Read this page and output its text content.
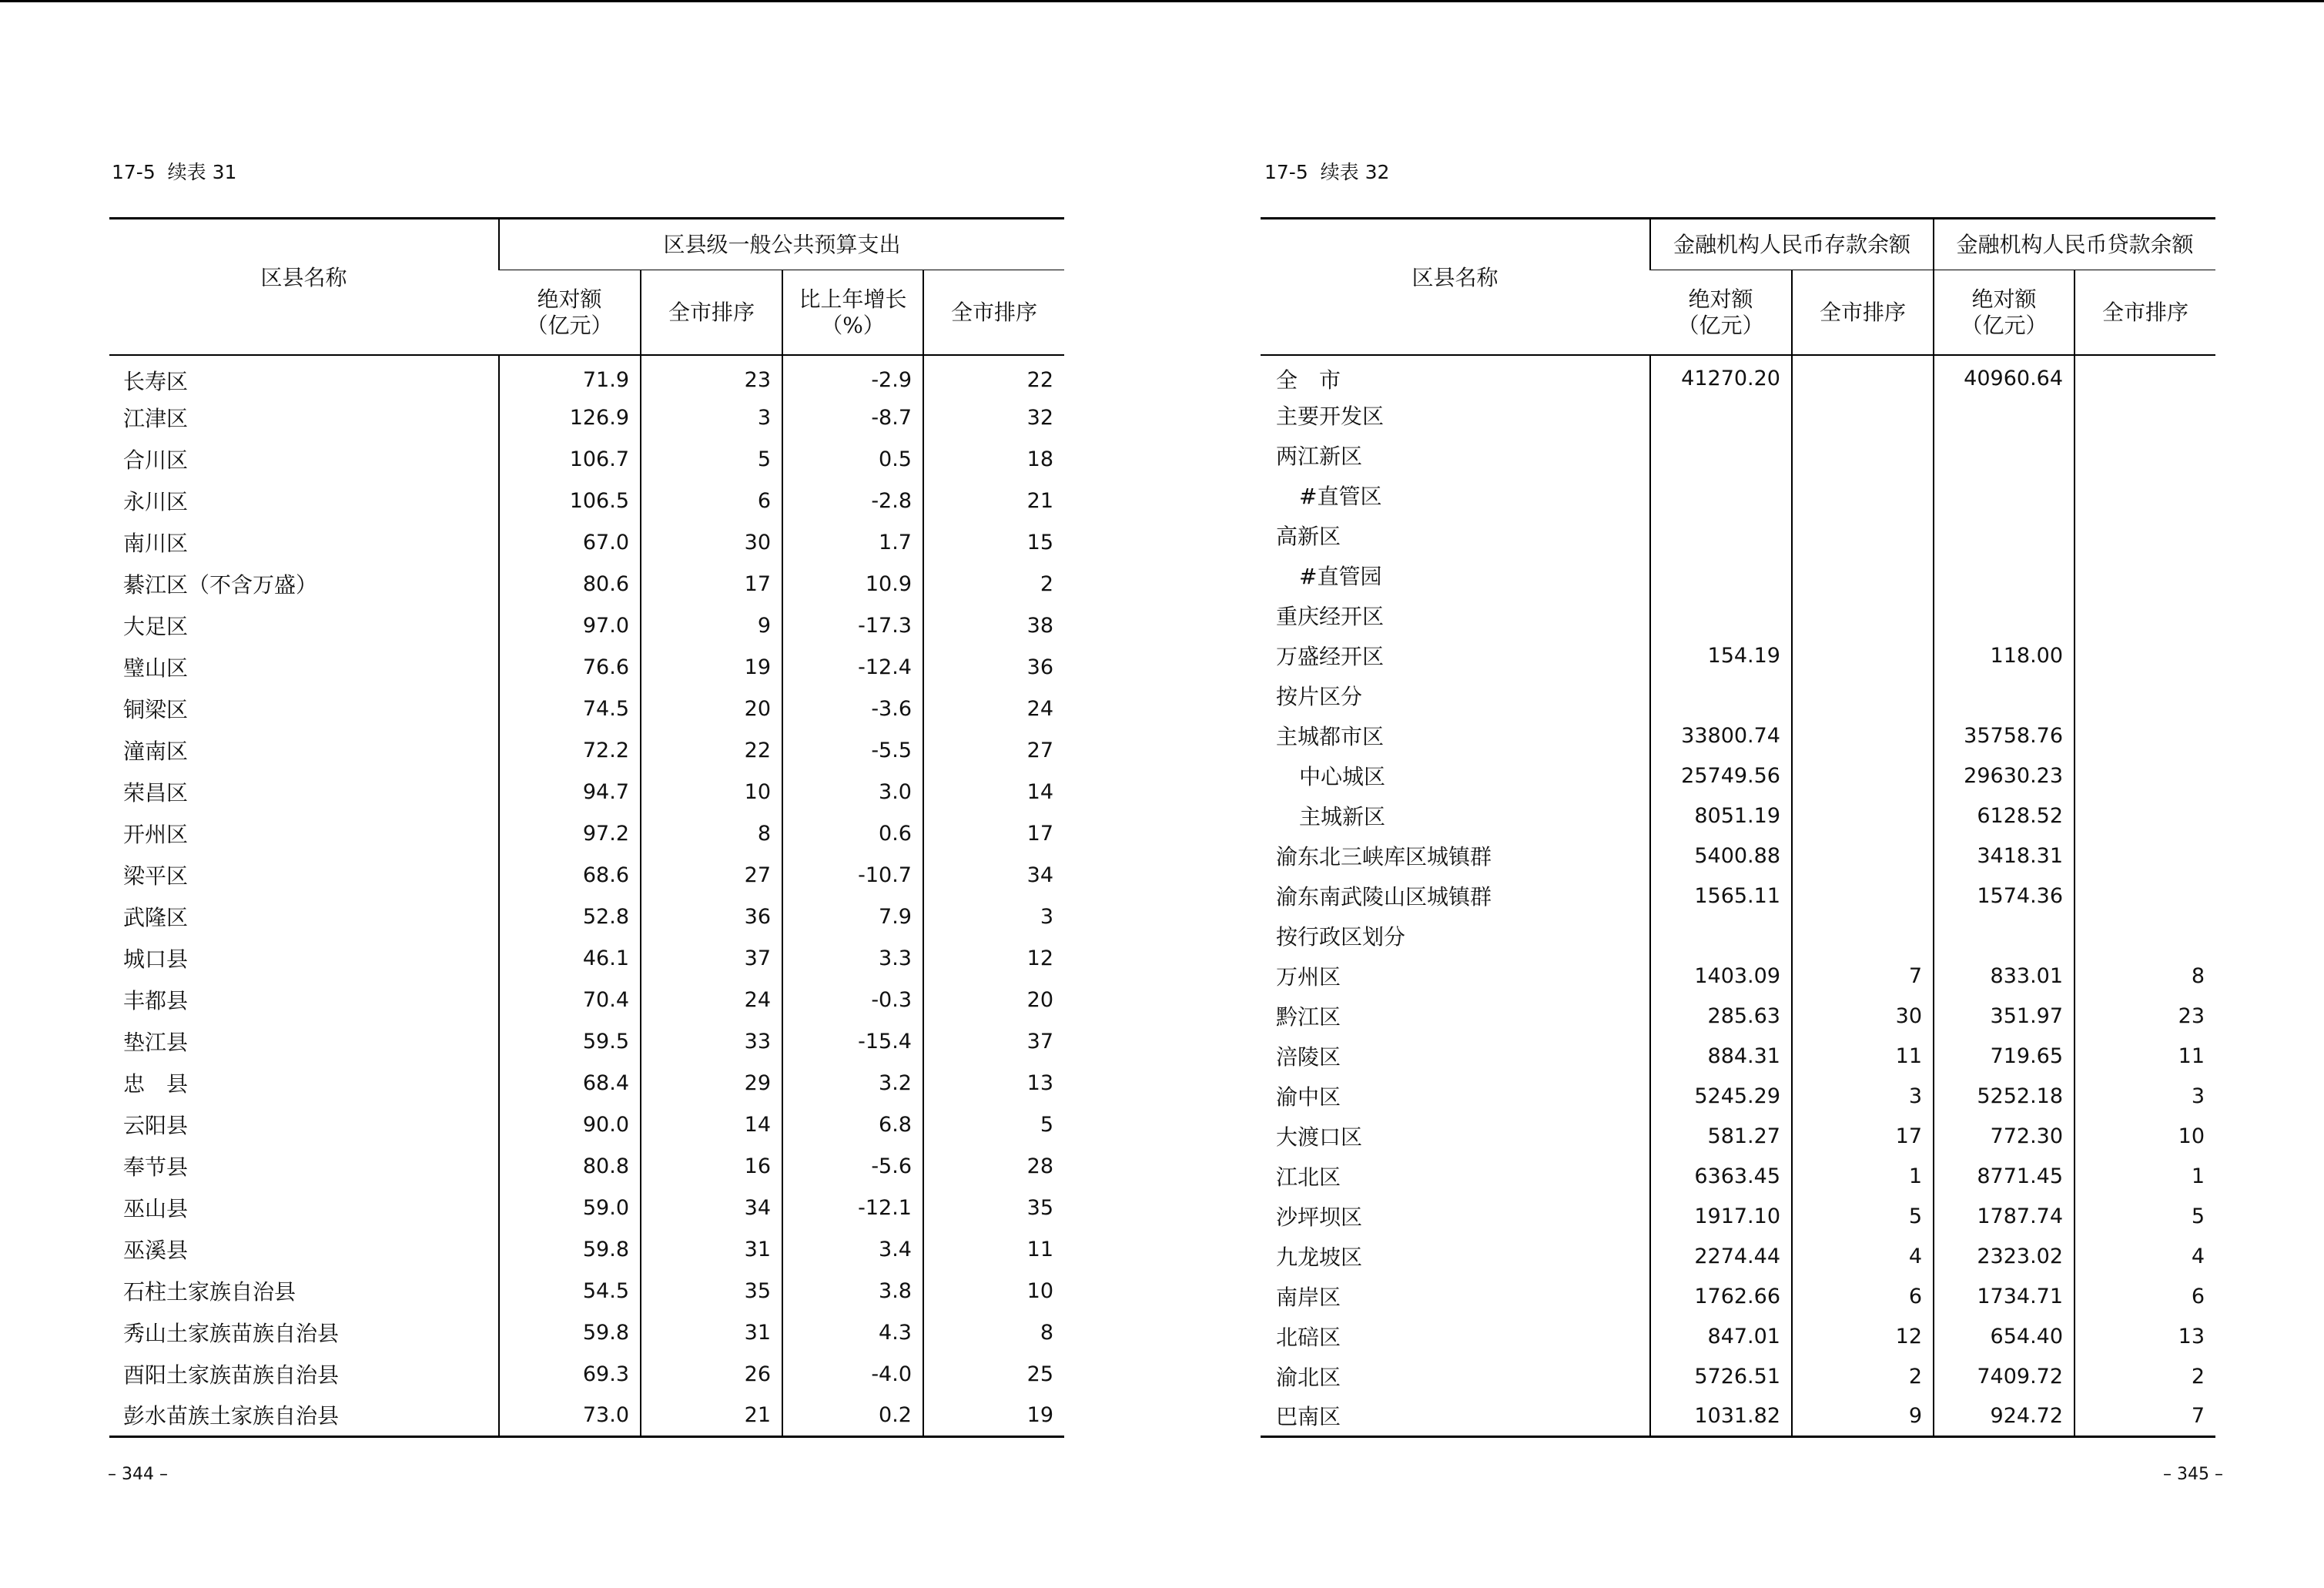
17-5  续表 31
区县名称	区县级一般公共预算支出			
	绝对额
（亿元）	全市排序	比上年增长
（%）	全市排序
长寿区	71.9	23	-2.9	22
江津区	126.9	3	-8.7	32
合川区	106.7	5	0.5	18
永川区	106.5	6	-2.8	21
南川区	67.0	30	1.7	15
綦江区（不含万盛）	80.6	17	10.9	2
大足区	97.0	9	-17.3	38
璧山区	76.6	19	-12.4	36
铜梁区	74.5	20	-3.6	24
潼南区	72.2	22	-5.5	27
荣昌区	94.7	10	3.0	14
开州区	97.2	8	0.6	17
梁平区	68.6	27	-10.7	34
武隆区	52.8	36	7.9	3
城口县	46.1	37	3.3	12
丰都县	70.4	24	-0.3	20
垫江县	59.5	33	-15.4	37
忠　县	68.4	29	3.2	13
云阳县	90.0	14	6.8	5
奉节县	80.8	16	-5.6	28
巫山县	59.0	34	-12.1	35
巫溪县	59.8	31	3.4	11
石柱土家族自治县	54.5	35	3.8	10
秀山土家族苗族自治县	59.8	31	4.3	8
酉阳土家族苗族自治县	69.3	26	-4.0	25
彭水苗族土家族自治县	73.0	21	0.2	19
– 344 –
17-5  续表 32
区县名称	金融机构人民币存款余额		金融机构人民币贷款余额	
	绝对额
（亿元）	全市排序	绝对额
（亿元）	全市排序
全　市	41270.20		40960.64	
主要开发区				
两江新区				
#直管区				
高新区				
#直管园				
重庆经开区				
万盛经开区	154.19		118.00	
按片区分				
主城都市区	33800.74		35758.76	
中心城区	25749.56		29630.23	
主城新区	8051.19		6128.52	
渝东北三峡库区城镇群	5400.88		3418.31	
渝东南武陵山区城镇群	1565.11		1574.36	
按行政区划分				
万州区	1403.09	7	833.01	8
黔江区	285.63	30	351.97	23
涪陵区	884.31	11	719.65	11
渝中区	5245.29	3	5252.18	3
大渡口区	581.27	17	772.30	10
江北区	6363.45	1	8771.45	1
沙坪坝区	1917.10	5	1787.74	5
九龙坡区	2274.44	4	2323.02	4
南岸区	1762.66	6	1734.71	6
北碚区	847.01	12	654.40	13
渝北区	5726.51	2	7409.72	2
巴南区	1031.82	9	924.72	7
– 345 –
